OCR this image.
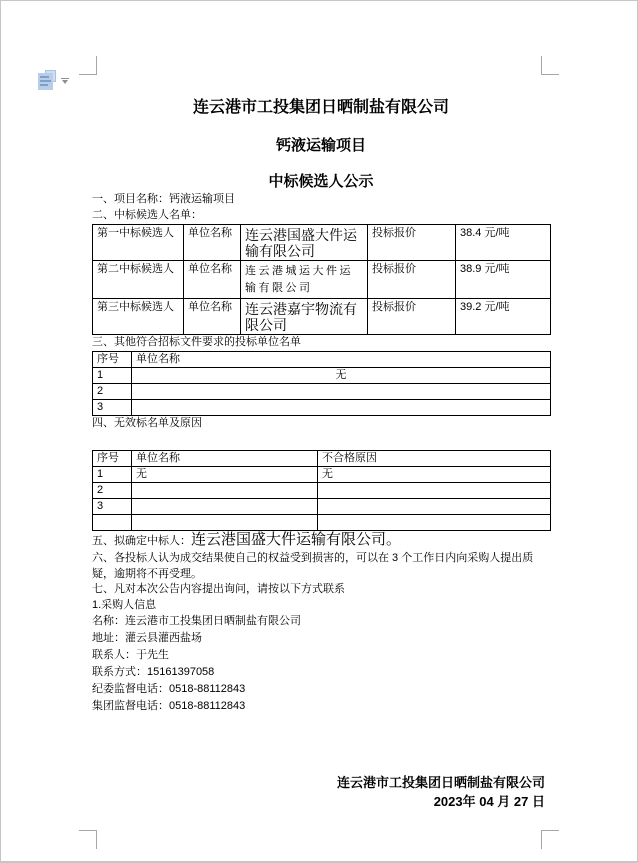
连云港市工投集团日晒制盐有限公司
钙液运输项目
中标候选人公示

一、项目名称：钙液运输项目

二、中标候选人名单：

第一中标候选人	单位名称	连云港国盛大件运输有限公司	投标报价	38.4 元/吨
第二中标候选人	单位名称	连云港城运大件运输有限公司	投标报价	38.9 元/吨
第三中标候选人	单位名称	连云港嘉宇物流有限公司	投标报价	39.2 元/吨

三、其他符合招标文件要求的投标单位名单

序号	单位名称
1	无
2	
3	

四、无效标名单及原因

序号	单位名称	不合格原因
1	无	无
2		
3		

五、拟确定中标人：连云港国盛大件运输有限公司。

六、各投标人认为成交结果使自己的权益受到损害的，可以在 3 个工作日内向采购人提出质疑，逾期将不再受理。

七、凡对本次公告内容提出询问，请按以下方式联系

1.采购人信息

名称：连云港市工投集团日晒制盐有限公司

地址：灌云县灌西盐场

联系人：于先生

联系方式：15161397058

纪委监督电话：0518-88112843

集团监督电话：0518-88112843

连云港市工投集团日晒制盐有限公司
2023年 04 月 27 日
